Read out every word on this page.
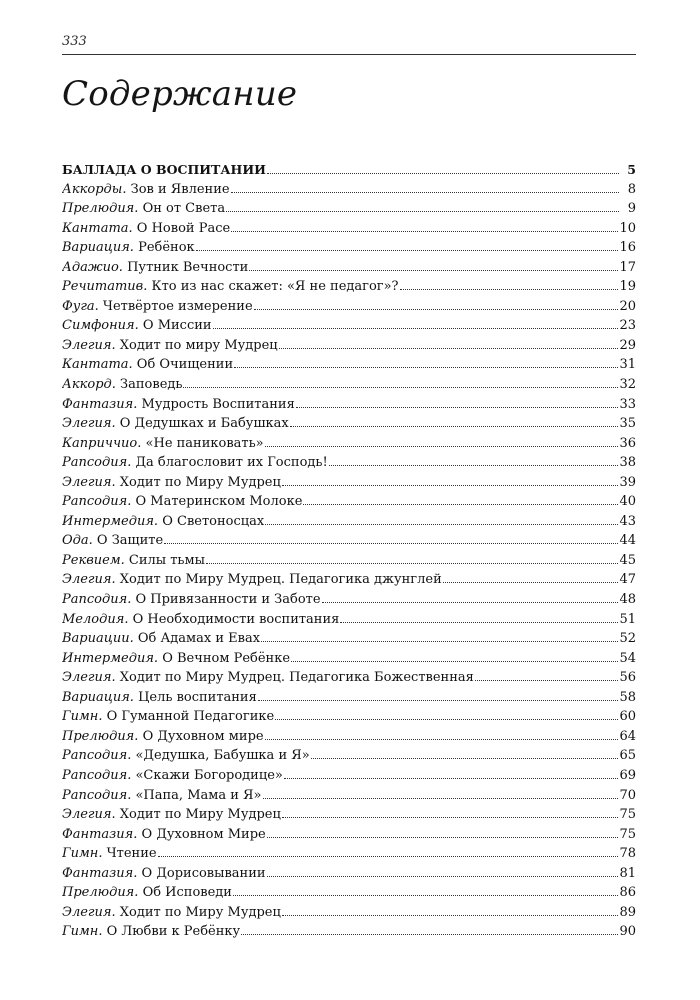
333
Содержание
БАЛЛАДА О ВОСПИТАНИИ	5
Аккорды. Зов и Явление	8
Прелюдия. Он от Света	9
Кантата. О Новой Расе	10
Вариация. Ребёнок	16
Адажио. Путник Вечности	17
Речитатив. Кто из нас скажет: «Я не педагог»?	19
Фуга. Четвёртое измерение	20
Симфония. О Миссии	23
Элегия. Ходит по миру Мудрец	29
Кантата. Об Очищении	31
Аккорд. Заповедь	32
Фантазия. Мудрость Воспитания	33
Элегия. О Дедушках и Бабушках	35
Каприччио. «Не паниковать»	36
Рапсодия. Да благословит их Господь!	38
Элегия. Ходит по Миру Мудрец	39
Рапсодия. О Материнском Молоке	40
Интермедия. О Светоносцах	43
Ода. О Защите	44
Реквием. Силы тьмы	45
Элегия. Ходит по Миру Мудрец. Педагогика джунглей	47
Рапсодия. О Привязанности и Заботе	48
Мелодия. О Необходимости воспитания	51
Вариации. Об Адамах и Евах	52
Интермедия. О Вечном Ребёнке	54
Элегия. Ходит по Миру Мудрец. Педагогика Божественная	56
Вариация. Цель воспитания	58
Гимн. О Гуманной Педагогике	60
Прелюдия. О Духовном мире	64
Рапсодия. «Дедушка, Бабушка и Я»	65
Рапсодия. «Скажи Богородице»	69
Рапсодия. «Папа, Мама и Я»	70
Элегия. Ходит по Миру Мудрец	75
Фантазия. О Духовном Мире	75
Гимн. Чтение	78
Фантазия. О Дорисовывании	81
Прелюдия. Об Исповеди	86
Элегия. Ходит по Миру Мудрец	89
Гимн. О Любви к Ребёнку	90
